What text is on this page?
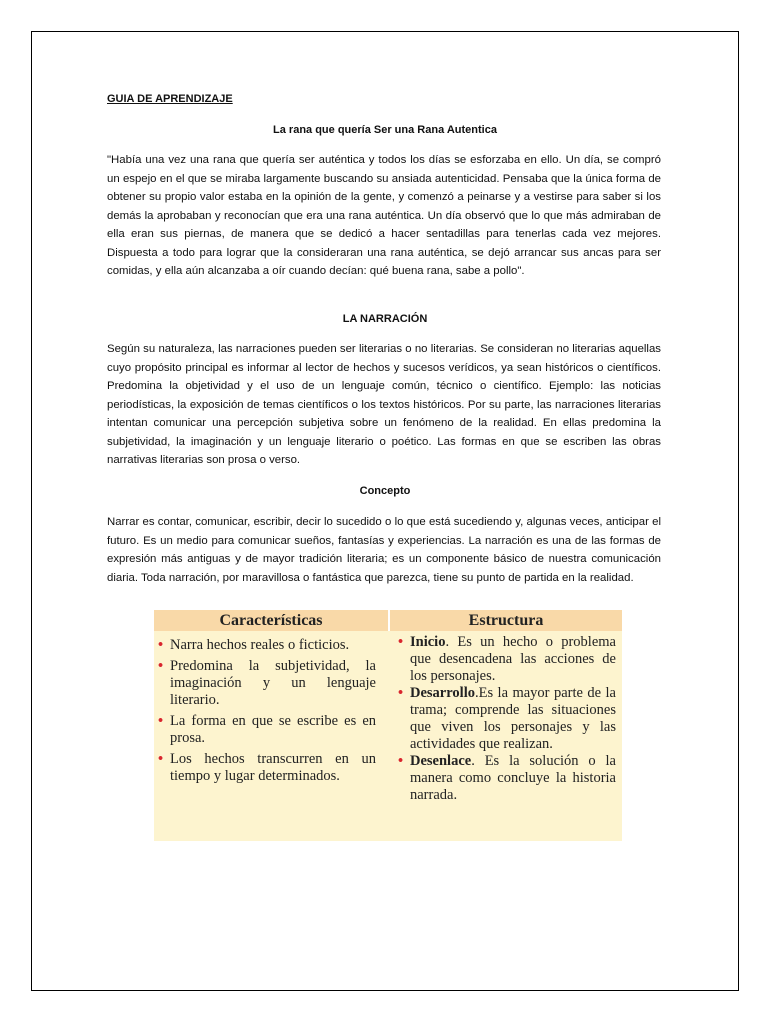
GUIA DE APRENDIZAJE

La rana que quería Ser una Rana Autentica

"Había una vez una rana que quería ser auténtica y todos los días se esforzaba en ello. Un día, se compró un espejo en el que se miraba largamente buscando su ansiada autenticidad. Pensaba que la única forma de obtener su propio valor estaba en la opinión de la gente, y comenzó a peinarse y a vestirse para saber si los demás la aprobaban y reconocían que era una rana auténtica. Un día observó que lo que más admiraban de ella eran sus piernas, de manera que se dedicó a hacer sentadillas para tenerlas cada vez mejores. Dispuesta a todo para lograr que la consideraran una rana auténtica, se dejó arrancar sus ancas para ser comidas, y ella aún alcanzaba a oír cuando decían: qué buena rana, sabe a pollo".

LA NARRACIÓN

Según su naturaleza, las narraciones pueden ser literarias o no literarias. Se consideran no literarias aquellas cuyo propósito principal es informar al lector de hechos y sucesos verídicos, ya sean históricos o científicos. Predomina la objetividad y el uso de un lenguaje común, técnico o científico. Ejemplo: las noticias periodísticas, la exposición de temas científicos o los textos históricos. Por su parte, las narraciones literarias intentan comunicar una percepción subjetiva sobre un fenómeno de la realidad. En ellas predomina la subjetividad, la imaginación y un lenguaje literario o poético. Las formas en que se escriben las obras narrativas literarias son prosa o verso.

Concepto

Narrar es contar, comunicar, escribir, decir lo sucedido o lo que está sucediendo y, algunas veces, anticipar el futuro. Es un medio para comunicar sueños, fantasías y experiencias. La narración es una de las formas de expresión más antiguas y de mayor tradición literaria; es un componente básico de nuestra comunicación diaria. Toda narración, por maravillosa o fantástica que parezca, tiene su punto de partida en la realidad.

Características	Estructura
• Narra hechos reales o ficticios.
• Predomina la subjetividad, la imaginación y un lenguaje literario.
• La forma en que se escribe es en prosa.
• Los hechos transcurren en un tiempo y lugar determinados.
• Inicio. Es un hecho o problema que desencadena las acciones de los personajes.
• Desarrollo.Es la mayor parte de la trama; comprende las situaciones que viven los personajes y las actividades que realizan.
• Desenlace. Es la solución o la manera como concluye la historia narrada.
